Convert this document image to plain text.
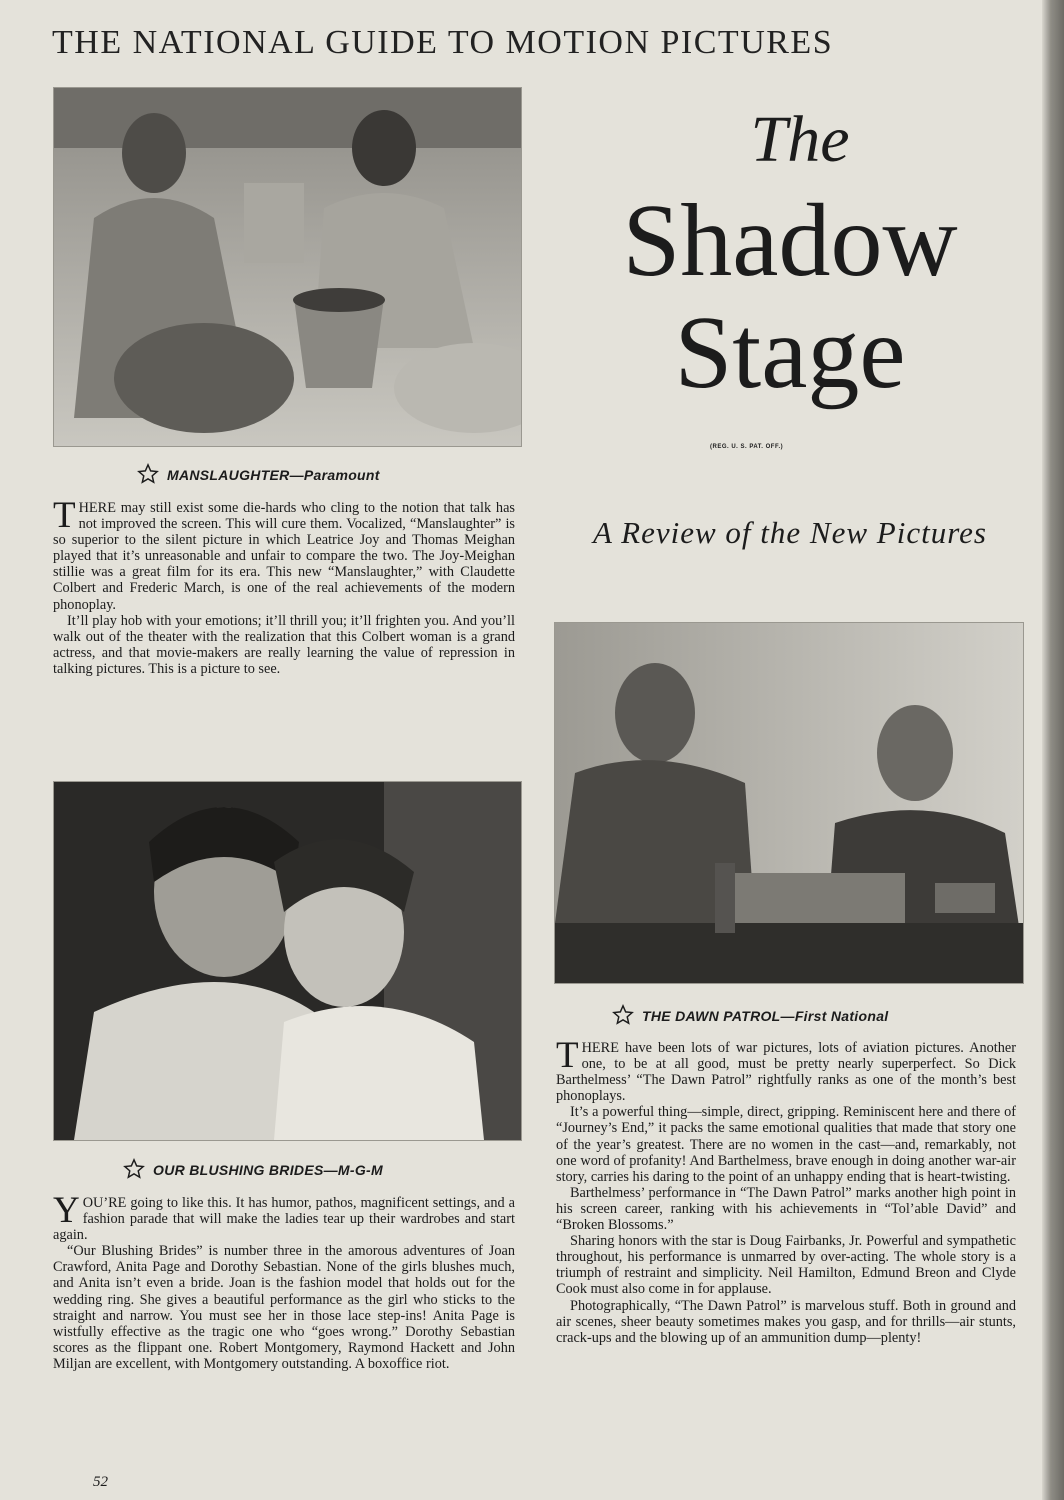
THE NATIONAL GUIDE TO MOTION PICTURES
MANSLAUGHTER—Paramount

THERE may still exist some die-hards who cling to the notion that talk has not improved the screen. This will cure them. Vocalized, “Manslaughter” is so superior to the silent picture in which Leatrice Joy and Thomas Meighan played that it’s unreasonable and unfair to compare the two. The Joy-Meighan stillie was a great film for its era. This new “Manslaughter,” with Claudette Colbert and Frederic March, is one of the real achievements of the modern phonoplay.

It’ll play hob with your emotions; it’ll thrill you; it’ll frighten you. And you’ll walk out of the theater with the realization that this Colbert woman is a grand actress, and that movie-makers are really learning the value of repression in talking pictures. This is a picture to see.

OUR BLUSHING BRIDES—M-G-M

YOU’RE going to like this. It has humor, pathos, magnificent settings, and a fashion parade that will make the ladies tear up their wardrobes and start again.

“Our Blushing Brides” is number three in the amorous adventures of Joan Crawford, Anita Page and Dorothy Sebastian. None of the girls blushes much, and Anita isn’t even a bride. Joan is the fashion model that holds out for the wedding ring. She gives a beautiful performance as the girl who sticks to the straight and narrow. You must see her in those lace step-ins! Anita Page is wistfully effective as the tragic one who “goes wrong.” Dorothy Sebastian scores as the flippant one. Robert Montgomery, Raymond Hackett and John Miljan are excellent, with Montgomery outstanding. A boxoffice riot.

The
Shadow
Stage
(REG. U. S. PAT. OFF.)
A Review of the New Pictures
THE DAWN PATROL—First National

THERE have been lots of war pictures, lots of aviation pictures. Another one, to be at all good, must be pretty nearly superperfect. So Dick Barthelmess’ “The Dawn Patrol” rightfully ranks as one of the month’s best phonoplays.

It’s a powerful thing—simple, direct, gripping. Reminiscent here and there of “Journey’s End,” it packs the same emotional qualities that made that story one of the year’s greatest. There are no women in the cast—and, remarkably, not one word of profanity! And Barthelmess, brave enough in doing another war-air story, carries his daring to the point of an unhappy ending that is heart-twisting.

Barthelmess’ performance in “The Dawn Patrol” marks another high point in his screen career, ranking with his achievements in “Tol’able David” and “Broken Blossoms.”

Sharing honors with the star is Doug Fairbanks, Jr. Powerful and sympathetic throughout, his performance is unmarred by over-acting. The whole story is a triumph of restraint and simplicity. Neil Hamilton, Edmund Breon and Clyde Cook must also come in for applause.

Photographically, “The Dawn Patrol” is marvelous stuff. Both in ground and air scenes, sheer beauty sometimes makes you gasp, and for thrills—air stunts, crack-ups and the blowing up of an ammunition dump—plenty!

52
